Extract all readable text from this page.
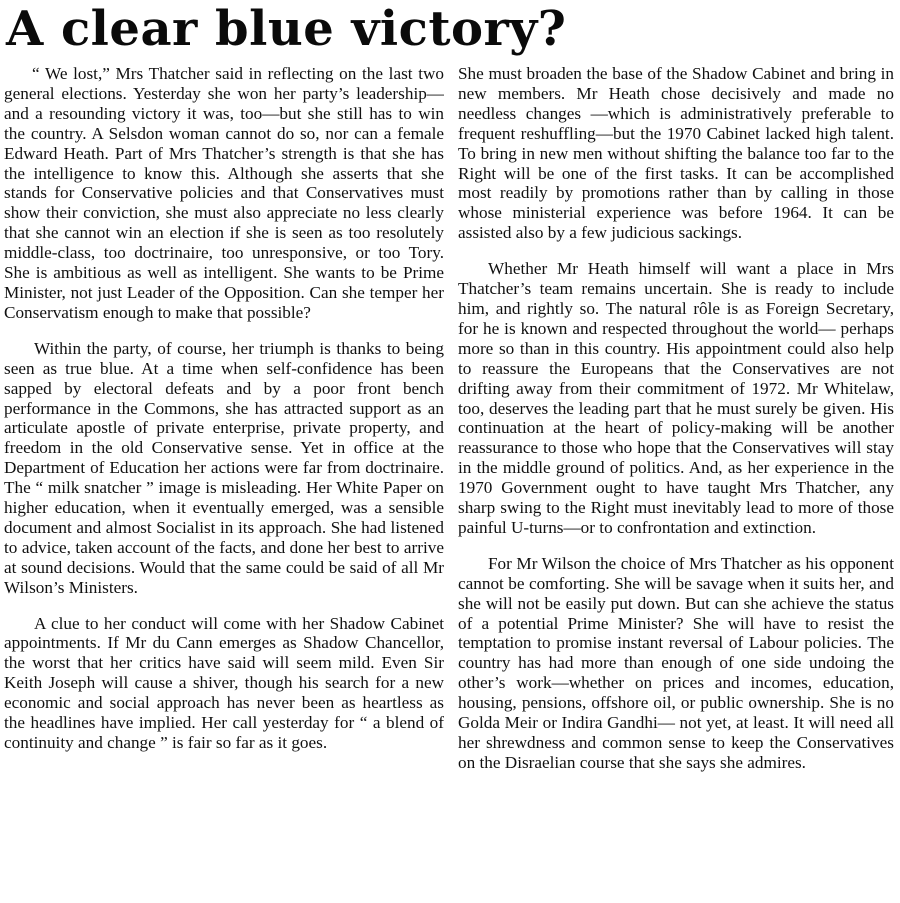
A clear blue victory?

“ We lost,” Mrs Thatcher said in reflecting on the last two general elections. Yesterday she won her party’s leadership—and a resounding victory it was, too—but she still has to win the country. A Selsdon woman cannot do so, nor can a female Edward Heath. Part of Mrs Thatcher’s strength is that she has the intelligence to know this. Although she asserts that she stands for Conservative policies and that Conservatives must show their conviction, she must also appreciate no less clearly that she cannot win an election if she is seen as too resolutely middle-class, too doctrinaire, too unresponsive, or too Tory. She is ambitious as well as intelligent. She wants to be Prime Minister, not just Leader of the Opposition. Can she temper her Conservatism enough to make that possible?

Within the party, of course, her triumph is thanks to being seen as true blue. At a time when self-confidence has been sapped by electoral defeats and by a poor front bench performance in the Commons, she has attracted support as an articulate apostle of private enterprise, private property, and freedom in the old Conservative sense. Yet in office at the Department of Education her actions were far from doctrinaire. The “ milk snatcher ” image is misleading. Her White Paper on higher education, when it eventually emerged, was a sensible document and almost Socialist in its approach. She had listened to advice, taken account of the facts, and done her best to arrive at sound decisions. Would that the same could be said of all Mr Wilson’s Ministers.

A clue to her conduct will come with her Shadow Cabinet appointments. If Mr du Cann emerges as Shadow Chancellor, the worst that her critics have said will seem mild. Even Sir Keith Joseph will cause a shiver, though his search for a new economic and social approach has never been as heartless as the headlines have implied. Her call yesterday for “ a blend of continuity and change ” is fair so far as it goes.

She must broaden the base of the Shadow Cabinet and bring in new members. Mr Heath chose decisively and made no needless changes —which is administratively preferable to frequent reshuffling—but the 1970 Cabinet lacked high talent. To bring in new men without shifting the balance too far to the Right will be one of the first tasks. It can be accomplished most readily by promotions rather than by calling in those whose ministerial experience was before 1964. It can be assisted also by a few judicious sackings.

Whether Mr Heath himself will want a place in Mrs Thatcher’s team remains uncertain. She is ready to include him, and rightly so. The natural rôle is as Foreign Secretary, for he is known and respected throughout the world— perhaps more so than in this country. His appointment could also help to reassure the Europeans that the Conservatives are not drifting away from their commitment of 1972. Mr Whitelaw, too, deserves the leading part that he must surely be given. His continuation at the heart of policy-making will be another reassurance to those who hope that the Conservatives will stay in the middle ground of politics. And, as her experience in the 1970 Government ought to have taught Mrs Thatcher, any sharp swing to the Right must inevitably lead to more of those painful U-turns—or to confrontation and extinction.

For Mr Wilson the choice of Mrs Thatcher as his opponent cannot be comforting. She will be savage when it suits her, and she will not be easily put down. But can she achieve the status of a potential Prime Minister? She will have to resist the temptation to promise instant reversal of Labour policies. The country has had more than enough of one side undoing the other’s work—whether on prices and incomes, education, housing, pensions, offshore oil, or public ownership. She is no Golda Meir or Indira Gandhi— not yet, at least. It will need all her shrewdness and common sense to keep the Conservatives on the Disraelian course that she says she admires.
